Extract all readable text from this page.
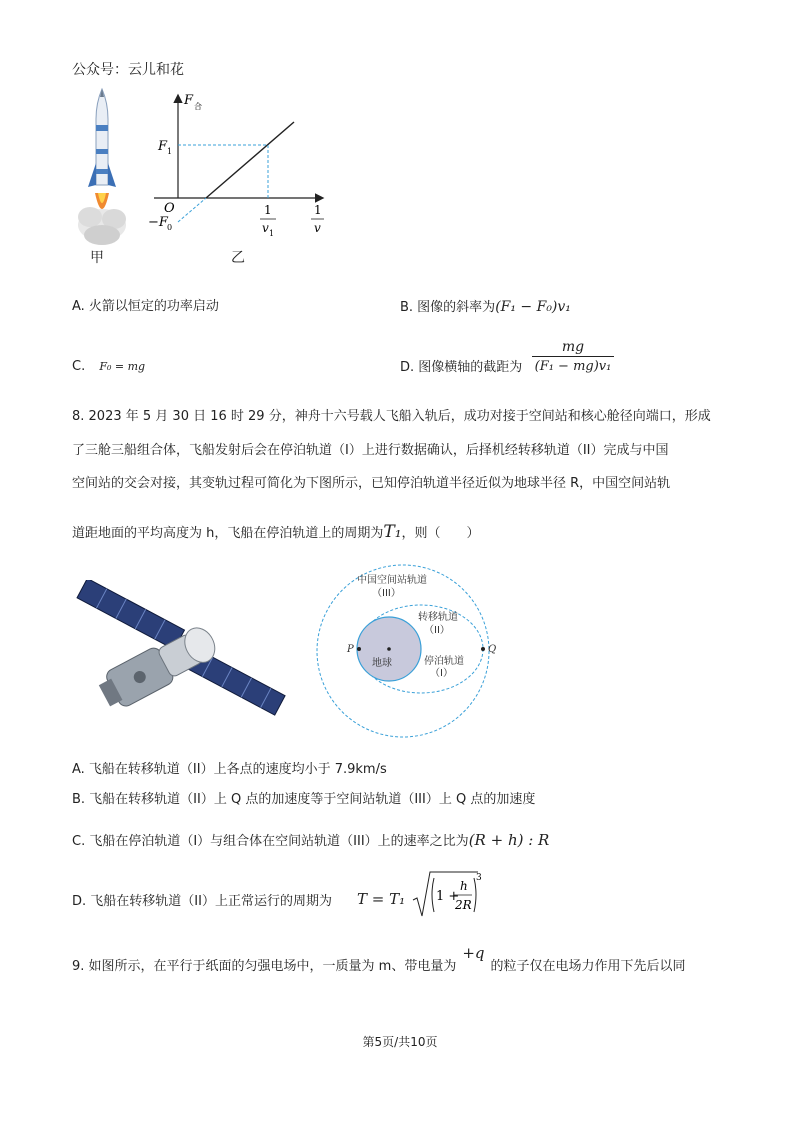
公众号：云儿和花
甲
F 合
F 1
O
−F 0
1
v 1
1
v
乙
A. 火箭以恒定的功率启动	B. 图像的斜率为(F₁ − F₀)v₁
C. F₀ = mg	D. 图像横轴的截距为 $\frac{mg}{\text{(F₁ − mg)v₁}}$
8. 2023 年 5 月 30 日 16 时 29 分，神舟十六号载人飞船入轨后，成功对接于空间站和核心舱径向端口，形成
了三舱三船组合体，飞船发射后会在停泊轨道（I）上进行数据确认，后择机经转移轨道（II）完成与中国
空间站的交会对接，其变轨过程可简化为下图所示，已知停泊轨道半径近似为地球半径 R，中国空间站轨
道距地面的平均高度为 h，飞船在停泊轨道上的周期为T₁，则（　　）
中国空间站轨道
（III）
转移轨道
（II）
停泊轨道
（I）
地球
P	Q
A. 飞船在转移轨道（II）上各点的速度均小于 7.9km/s
B. 飞船在转移轨道（II）上 Q 点的加速度等于空间站轨道（III）上 Q 点的加速度
C. 飞船在停泊轨道（I）与组合体在空间站轨道（III）上的速率之比为(R + h) : R
D. 飞船在转移轨道（II）上正常运行的周期为 T = T₁ 1 +
h
2R
3
9. 如图所示，在平行于纸面的匀强电场中，一质量为 m、带电量为+q的粒子仅在电场力作用下先后以同
第5页/共10页
